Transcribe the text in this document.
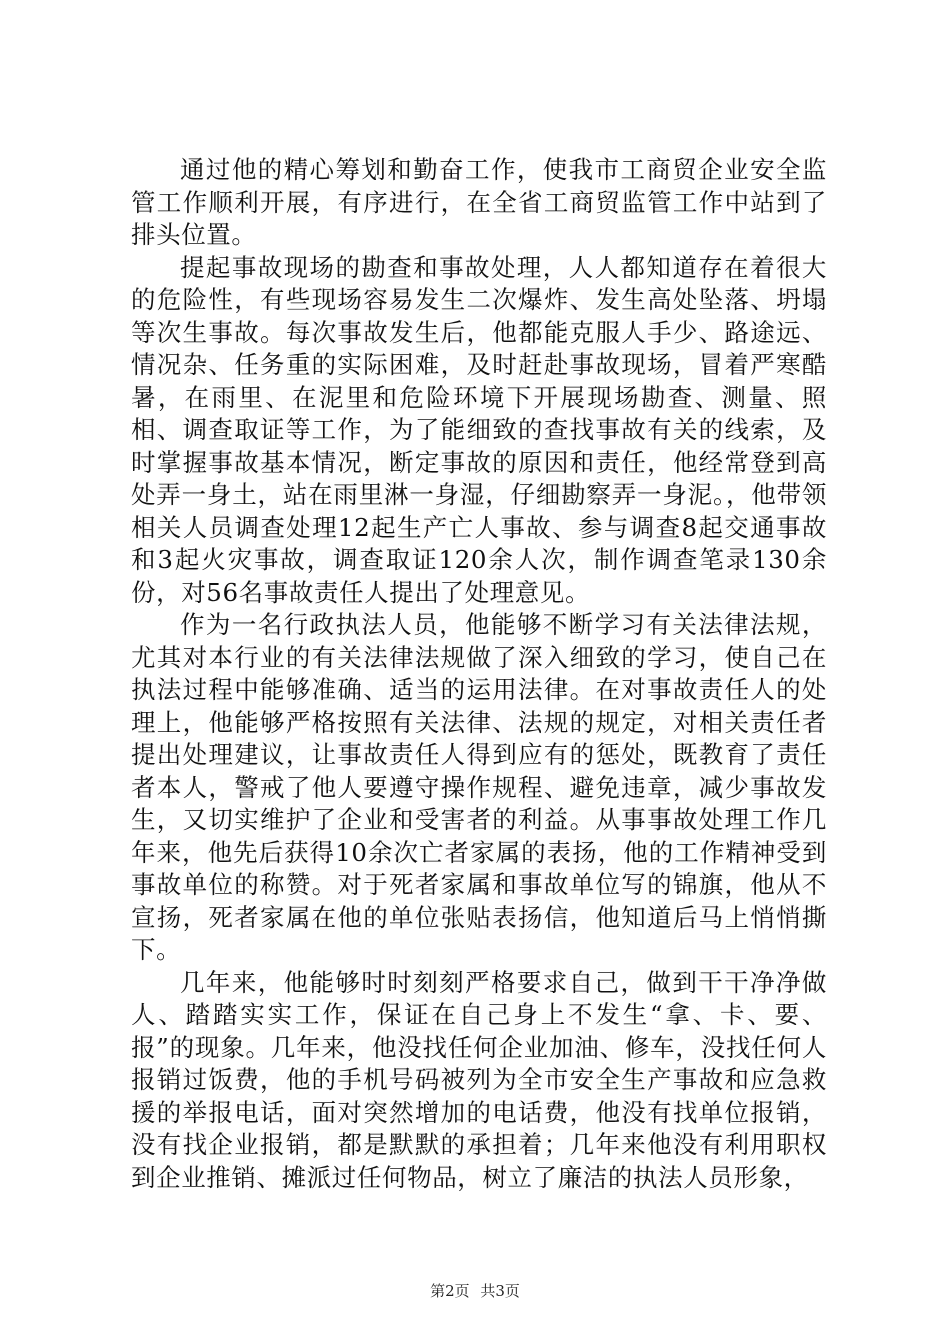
通过他的精心筹划和勤奋工作，使我市工商贸企业安全监管工作顺利开展，有序进行，在全省工商贸监管工作中站到了排头位置。

提起事故现场的勘查和事故处理，人人都知道存在着很大的危险性，有些现场容易发生二次爆炸、发生高处坠落、坍塌等次生事故。每次事故发生后，他都能克服人手少、路途远、情况杂、任务重的实际困难，及时赶赴事故现场，冒着严寒酷暑，在雨里、在泥里和危险环境下开展现场勘查、测量、照相、调查取证等工作，为了能细致的查找事故有关的线索，及时掌握事故基本情况，断定事故的原因和责任，他经常登到高处弄一身土，站在雨里淋一身湿，仔细勘察弄一身泥。，他带领相关人员调查处理12起生产亡人事故、参与调查8起交通事故和3起火灾事故，调查取证120余人次，制作调查笔录130余份，对56名事故责任人提出了处理意见。

作为一名行政执法人员，他能够不断学习有关法律法规，尤其对本行业的有关法律法规做了深入细致的学习，使自己在执法过程中能够准确、适当的运用法律。在对事故责任人的处理上，他能够严格按照有关法律、法规的规定，对相关责任者提出处理建议，让事故责任人得到应有的惩处，既教育了责任者本人，警戒了他人要遵守操作规程、避免违章，减少事故发生，又切实维护了企业和受害者的利益。从事事故处理工作几年来，他先后获得10余次亡者家属的表扬，他的工作精神受到事故单位的称赞。对于死者家属和事故单位写的锦旗，他从不宣扬，死者家属在他的单位张贴表扬信，他知道后马上悄悄撕下。

几年来，他能够时时刻刻严格要求自己，做到干干净净做人、踏踏实实工作，保证在自己身上不发生“拿、卡、要、报”的现象。几年来，他没找任何企业加油、修车，没找任何人报销过饭费，他的手机号码被列为全市安全生产事故和应急救援的举报电话，面对突然增加的电话费，他没有找单位报销，没有找企业报销，都是默默的承担着；几年来他没有利用职权到企业推销、摊派过任何物品，树立了廉洁的执法人员形象，

第2页 共3页
